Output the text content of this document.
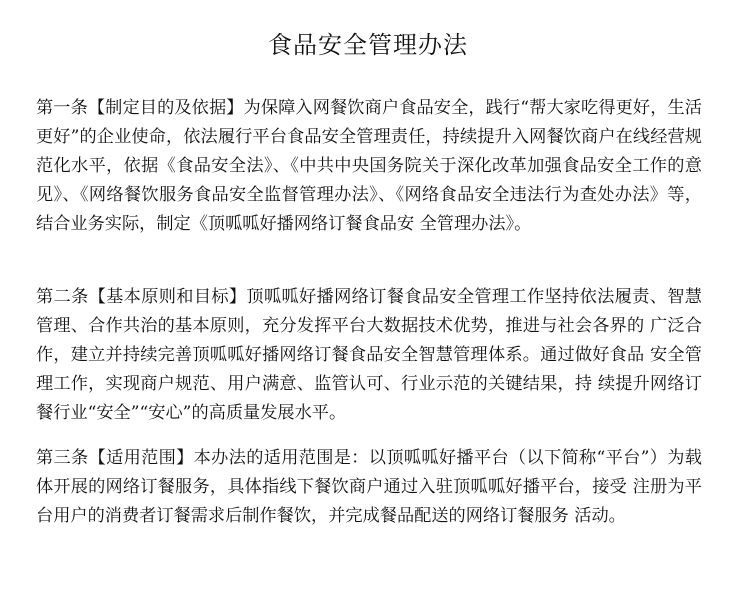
食品安全管理办法

第一条【制定目的及依据】为保障入网餐饮商户食品安全，践行“帮大家吃得更好，生活更好”的企业使命，依法履行平台食品安全管理责任，持续提升入网餐饮商户在线经营规范化水平，依据《食品安全法》、《中共中央国务院关于深化改革加强食品安全工作的意见》、《网络餐饮服务食品安全监督管理办法》、《网络食品安全违法行为查处办法》等，结合业务实际，制定《顶呱呱好播网络订餐食品安 全管理办法》。

第二条【基本原则和目标】顶呱呱好播网络订餐食品安全管理工作坚持依法履责、智慧 管理、合作共治的基本原则，充分发挥平台大数据技术优势，推进与社会各界的 广泛合作，建立并持续完善顶呱呱好播网络订餐食品安全智慧管理体系。通过做好食品 安全管理工作，实现商户规范、用户满意、监管认可、行业示范的关键结果，持 续提升网络订餐行业“安全”“安心”的高质量发展水平。

第三条【适用范围】本办法的适用范围是：以顶呱呱好播平台（以下简称“平台”）为载 体开展的网络订餐服务，具体指线下餐饮商户通过入驻顶呱呱好播平台，接受 注册为平台用户的消费者订餐需求后制作餐饮，并完成餐品配送的网络订餐服务 活动。
